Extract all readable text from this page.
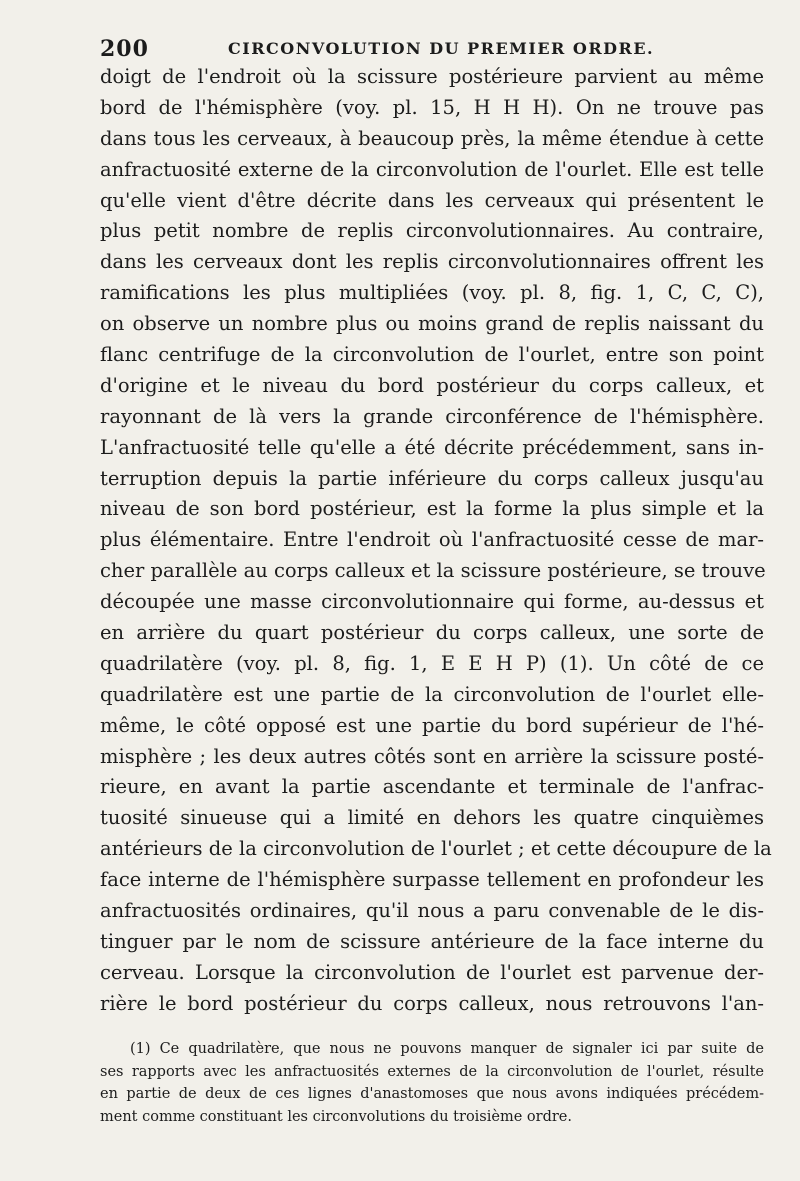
200	CIRCONVOLUTION DU PREMIER ORDRE.
doigt de l'endroit où la scissure postérieure parvient au même
bord de l'hémisphère (voy. pl. 15, H H H). On ne trouve pas
dans tous les cerveaux, à beaucoup près, la même étendue à cette
anfractuosité externe de la circonvolution de l'ourlet. Elle est telle
qu'elle vient d'être décrite dans les cerveaux qui présentent le
plus petit nombre de replis circonvolutionnaires. Au contraire,
dans les cerveaux dont les replis circonvolutionnaires offrent les
ramifications les plus multipliées (voy. pl. 8, fig. 1, C, C, C),
on observe un nombre plus ou moins grand de replis naissant du
flanc centrifuge de la circonvolution de l'ourlet, entre son point
d'origine et le niveau du bord postérieur du corps calleux, et
rayonnant de là vers la grande circonférence de l'hémisphère.
L'anfractuosité telle qu'elle a été décrite précédemment, sans in-
terruption depuis la partie inférieure du corps calleux jusqu'au
niveau de son bord postérieur, est la forme la plus simple et la
plus élémentaire. Entre l'endroit où l'anfractuosité cesse de mar-
cher parallèle au corps calleux et la scissure postérieure, se trouve
découpée une masse circonvolutionnaire qui forme, au-dessus et
en arrière du quart postérieur du corps calleux, une sorte de
quadrilatère (voy. pl. 8, fig. 1, E E H P) (1). Un côté de ce
quadrilatère est une partie de la circonvolution de l'ourlet elle-
même, le côté opposé est une partie du bord supérieur de l'hé-
misphère ; les deux autres côtés sont en arrière la scissure posté-
rieure, en avant la partie ascendante et terminale de l'anfrac-
tuosité sinueuse qui a limité en dehors les quatre cinquièmes
antérieurs de la circonvolution de l'ourlet ; et cette découpure de la
face interne de l'hémisphère surpasse tellement en profondeur les
anfractuosités ordinaires, qu'il nous a paru convenable de le dis-
tinguer par le nom de scissure antérieure de la face interne du
cerveau. Lorsque la circonvolution de l'ourlet est parvenue der-
rière le bord postérieur du corps calleux, nous retrouvons l'an-
(1) Ce quadrilatère, que nous ne pouvons manquer de signaler ici par suite de
ses rapports avec les anfractuosités externes de la circonvolution de l'ourlet, résulte
en partie de deux de ces lignes d'anastomoses que nous avons indiquées précédem-
ment comme constituant les circonvolutions du troisième ordre.
